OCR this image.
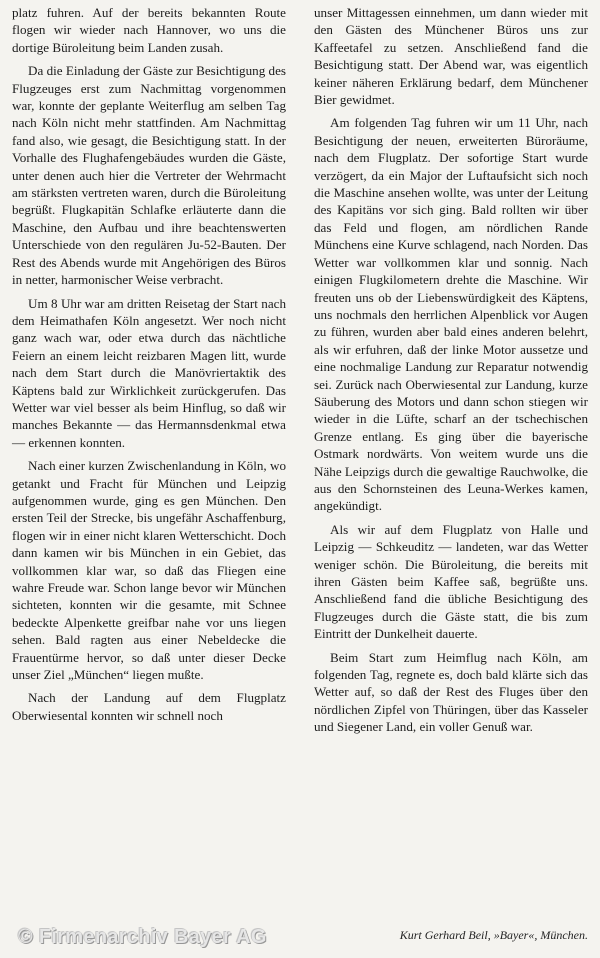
platz fuhren. Auf der bereits bekannten Route flogen wir wieder nach Hannover, wo uns die dortige Büroleitung beim Landen zusah.

Da die Einladung der Gäste zur Besichtigung des Flugzeuges erst zum Nachmittag vorgenommen war, konnte der geplante Weiterflug am selben Tag nach Köln nicht mehr stattfinden. Am Nachmittag fand also, wie gesagt, die Besichtigung statt. In der Vorhalle des Flughafengebäudes wurden die Gäste, unter denen auch hier die Vertreter der Wehrmacht am stärksten vertreten waren, durch die Büroleitung begrüßt. Flugkapitän Schlafke erläuterte dann die Maschine, den Aufbau und ihre beachtenswerten Unterschiede von den regulären Ju-52-Bauten. Der Rest des Abends wurde mit Angehörigen des Büros in netter, harmonischer Weise verbracht.

Um 8 Uhr war am dritten Reisetag der Start nach dem Heimathafen Köln angesetzt. Wer noch nicht ganz wach war, oder etwa durch das nächtliche Feiern an einem leicht reizbaren Magen litt, wurde nach dem Start durch die Manövriertaktik des Käptens bald zur Wirklichkeit zurückgerufen. Das Wetter war viel besser als beim Hinflug, so daß wir manches Bekannte — das Hermannsdenkmal etwa — erkennen konnten.

Nach einer kurzen Zwischenlandung in Köln, wo getankt und Fracht für München und Leipzig aufgenommen wurde, ging es gen München. Den ersten Teil der Strecke, bis ungefähr Aschaffenburg, flogen wir in einer nicht klaren Wetterschicht. Doch dann kamen wir bis München in ein Gebiet, das vollkommen klar war, so daß das Fliegen eine wahre Freude war. Schon lange bevor wir München sichteten, konnten wir die gesamte, mit Schnee bedeckte Alpenkette greifbar nahe vor uns liegen sehen. Bald ragten aus einer Nebeldecke die Frauentürme hervor, so daß unter dieser Decke unser Ziel „München“ liegen mußte.

Nach der Landung auf dem Flugplatz Oberwiesental konnten wir schnell noch

unser Mittagessen einnehmen, um dann wieder mit den Gästen des Münchener Büros uns zur Kaffeetafel zu setzen. Anschließend fand die Besichtigung statt. Der Abend war, was eigentlich keiner näheren Erklärung bedarf, dem Münchener Bier gewidmet.

Am folgenden Tag fuhren wir um 11 Uhr, nach Besichtigung der neuen, erweiterten Büroräume, nach dem Flugplatz. Der sofortige Start wurde verzögert, da ein Major der Luftaufsicht sich noch die Maschine ansehen wollte, was unter der Leitung des Kapitäns vor sich ging. Bald rollten wir über das Feld und flogen, am nördlichen Rande Münchens eine Kurve schlagend, nach Norden. Das Wetter war vollkommen klar und sonnig. Nach einigen Flugkilometern drehte die Maschine. Wir freuten uns ob der Liebenswürdigkeit des Käptens, uns nochmals den herrlichen Alpenblick vor Augen zu führen, wurden aber bald eines anderen belehrt, als wir erfuhren, daß der linke Motor aussetze und eine nochmalige Landung zur Reparatur notwendig sei. Zurück nach Oberwiesental zur Landung, kurze Säuberung des Motors und dann schon stiegen wir wieder in die Lüfte, scharf an der tschechischen Grenze entlang. Es ging über die bayerische Ostmark nordwärts. Von weitem wurde uns die Nähe Leipzigs durch die gewaltige Rauchwolke, die aus den Schornsteinen des Leuna-Werkes kamen, angekündigt.

Als wir auf dem Flugplatz von Halle und Leipzig — Schkeuditz — landeten, war das Wetter weniger schön. Die Büroleitung, die bereits mit ihren Gästen beim Kaffee saß, begrüßte uns. Anschließend fand die übliche Besichtigung des Flugzeuges durch die Gäste statt, die bis zum Eintritt der Dunkelheit dauerte.

Beim Start zum Heimflug nach Köln, am folgenden Tag, regnete es, doch bald klärte sich das Wetter auf, so daß der Rest des Fluges über den nördlichen Zipfel von Thüringen, über das Kasseler und Siegener Land, ein voller Genuß war.

© Firmenarchiv Bayer AG	Kurt Gerhard Beil, »Bayer«, München.
